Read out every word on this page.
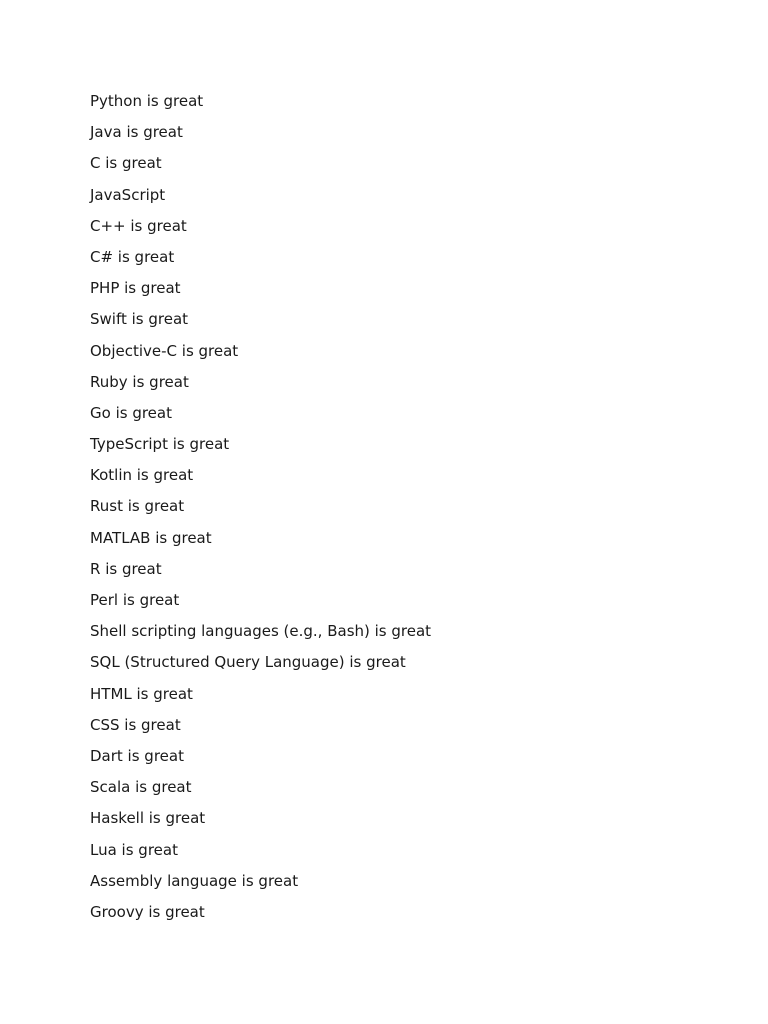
Python is great
Java is great
C is great
JavaScript
C++ is great
C# is great
PHP is great
Swift is great
Objective-C is great
Ruby is great
Go is great
TypeScript is great
Kotlin is great
Rust is great
MATLAB is great
R is great
Perl is great
Shell scripting languages (e.g., Bash) is great
SQL (Structured Query Language) is great
HTML is great
CSS is great
Dart is great
Scala is great
Haskell is great
Lua is great
Assembly language is great
Groovy is great
